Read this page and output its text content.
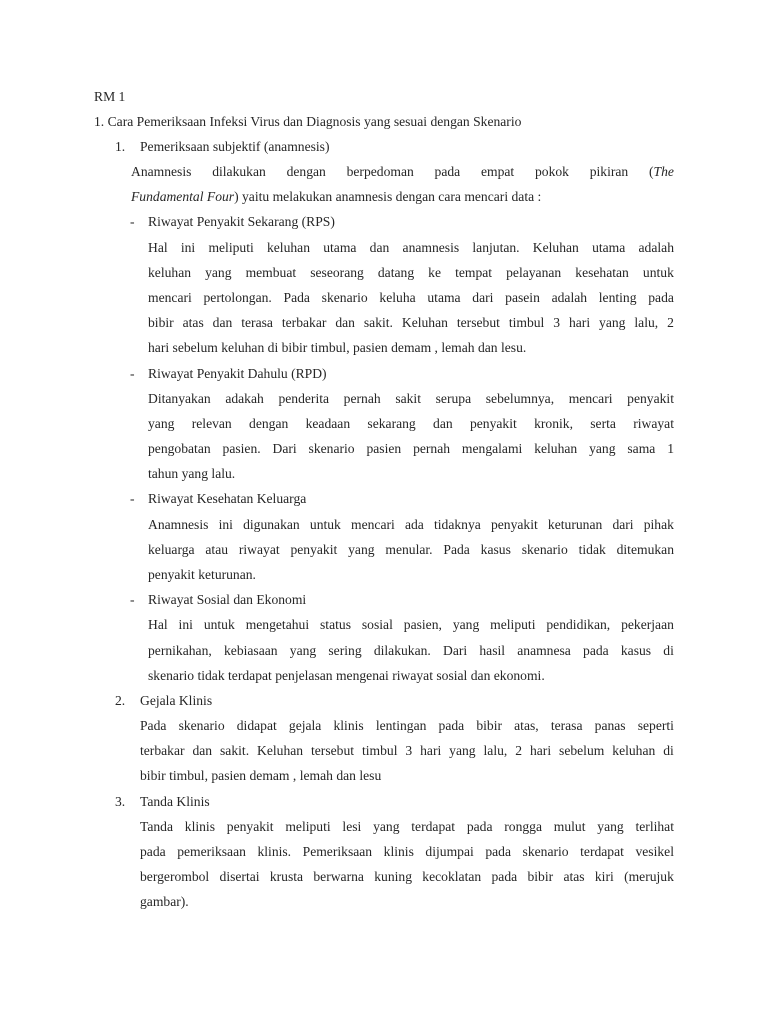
RM 1
1. Cara Pemeriksaan Infeksi Virus dan Diagnosis yang sesuai dengan Skenario
1. Pemeriksaan subjektif (anamnesis)
Anamnesis dilakukan dengan berpedoman pada empat pokok pikiran (The
Fundamental Four) yaitu melakukan anamnesis dengan cara mencari data :
- Riwayat Penyakit Sekarang (RPS)
Hal ini meliputi keluhan utama dan anamnesis lanjutan. Keluhan utama adalah
keluhan yang membuat seseorang datang ke tempat pelayanan kesehatan untuk
mencari pertolongan. Pada skenario keluha utama dari pasein adalah lenting pada
bibir atas dan terasa terbakar dan sakit. Keluhan tersebut timbul 3 hari yang lalu, 2
hari sebelum keluhan di bibir timbul, pasien demam , lemah dan lesu.
- Riwayat Penyakit Dahulu (RPD)
Ditanyakan adakah penderita pernah sakit serupa sebelumnya, mencari penyakit
yang relevan dengan keadaan sekarang dan penyakit kronik, serta riwayat
pengobatan pasien. Dari skenario pasien pernah mengalami keluhan yang sama 1
tahun yang lalu.
- Riwayat Kesehatan Keluarga
Anamnesis ini digunakan untuk mencari ada tidaknya penyakit keturunan dari pihak
keluarga atau riwayat penyakit yang menular. Pada kasus skenario tidak ditemukan
penyakit keturunan.
- Riwayat Sosial dan Ekonomi
Hal ini untuk mengetahui status sosial pasien, yang meliputi pendidikan, pekerjaan
pernikahan, kebiasaan yang sering dilakukan. Dari hasil anamnesa pada kasus di
skenario tidak terdapat penjelasan mengenai riwayat sosial dan ekonomi.
2. Gejala Klinis
Pada skenario didapat gejala klinis lentingan pada bibir atas, terasa panas seperti
terbakar dan sakit. Keluhan tersebut timbul 3 hari yang lalu, 2 hari sebelum keluhan di
bibir timbul, pasien demam , lemah dan lesu
3. Tanda Klinis
Tanda klinis penyakit meliputi lesi yang terdapat pada rongga mulut yang terlihat
pada pemeriksaan klinis. Pemeriksaan klinis dijumpai pada skenario terdapat vesikel
bergerombol disertai krusta berwarna kuning kecoklatan pada bibir atas kiri (merujuk
gambar).
